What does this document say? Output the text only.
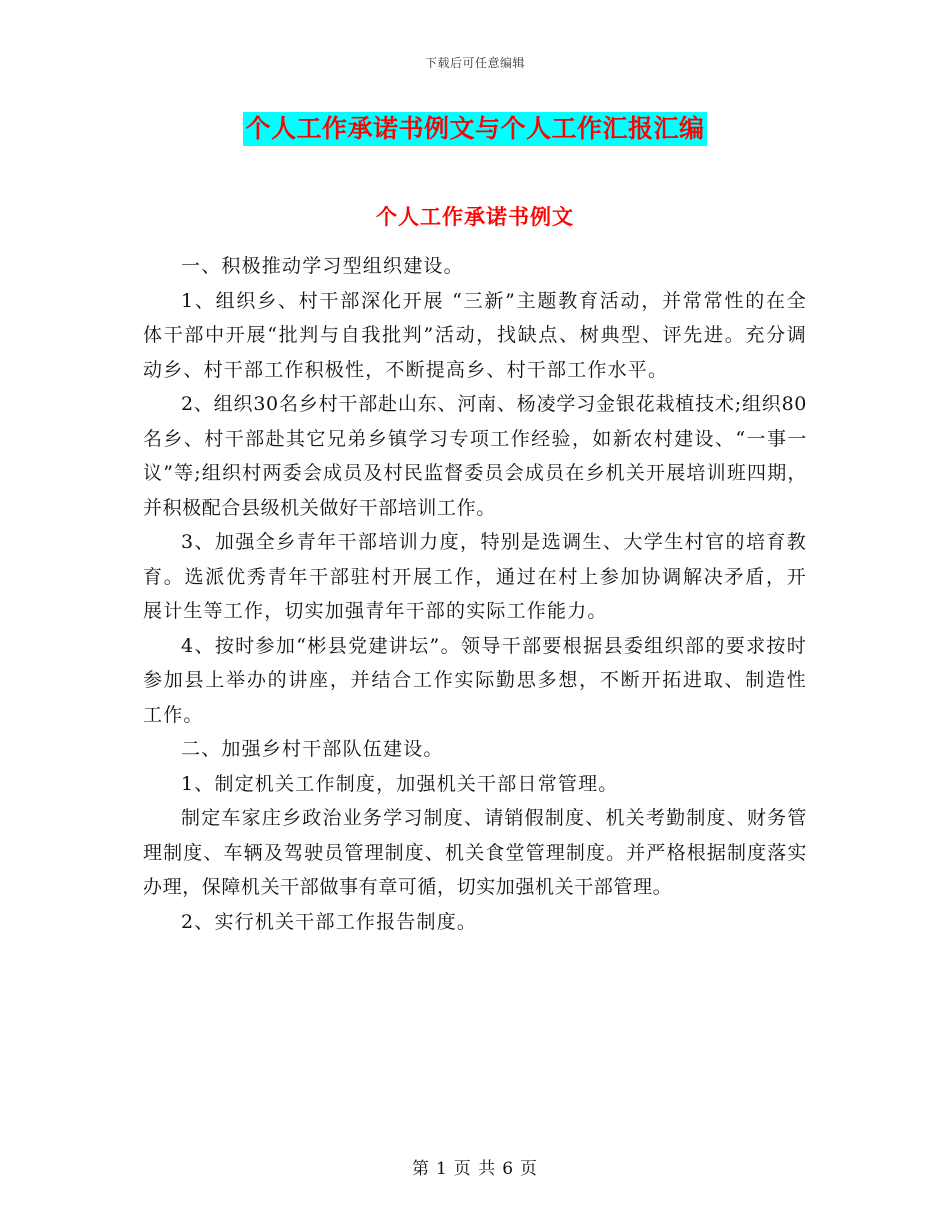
下载后可任意编辑
个人工作承诺书例文与个人工作汇报汇编
个人工作承诺书例文

一、积极推动学习型组织建设。

1、组织乡、村干部深化开展 “三新”主题教育活动，并常常性的在全体干部中开展“批判与自我批判”活动，找缺点、树典型、评先进。充分调动乡、村干部工作积极性，不断提高乡、村干部工作水平。

2、组织30名乡村干部赴山东、河南、杨凌学习金银花栽植技术;组织80名乡、村干部赴其它兄弟乡镇学习专项工作经验，如新农村建设、“一事一议”等;组织村两委会成员及村民监督委员会成员在乡机关开展培训班四期，并积极配合县级机关做好干部培训工作。

3、加强全乡青年干部培训力度，特别是选调生、大学生村官的培育教育。选派优秀青年干部驻村开展工作，通过在村上参加协调解决矛盾，开展计生等工作，切实加强青年干部的实际工作能力。

4、按时参加“彬县党建讲坛”。领导干部要根据县委组织部的要求按时参加县上举办的讲座，并结合工作实际勤思多想，不断开拓进取、制造性工作。

二、加强乡村干部队伍建设。

1、制定机关工作制度，加强机关干部日常管理。

制定车家庄乡政治业务学习制度、请销假制度、机关考勤制度、财务管理制度、车辆及驾驶员管理制度、机关食堂管理制度。并严格根据制度落实办理，保障机关干部做事有章可循，切实加强机关干部管理。

2、实行机关干部工作报告制度。

第 1 页 共 6 页
